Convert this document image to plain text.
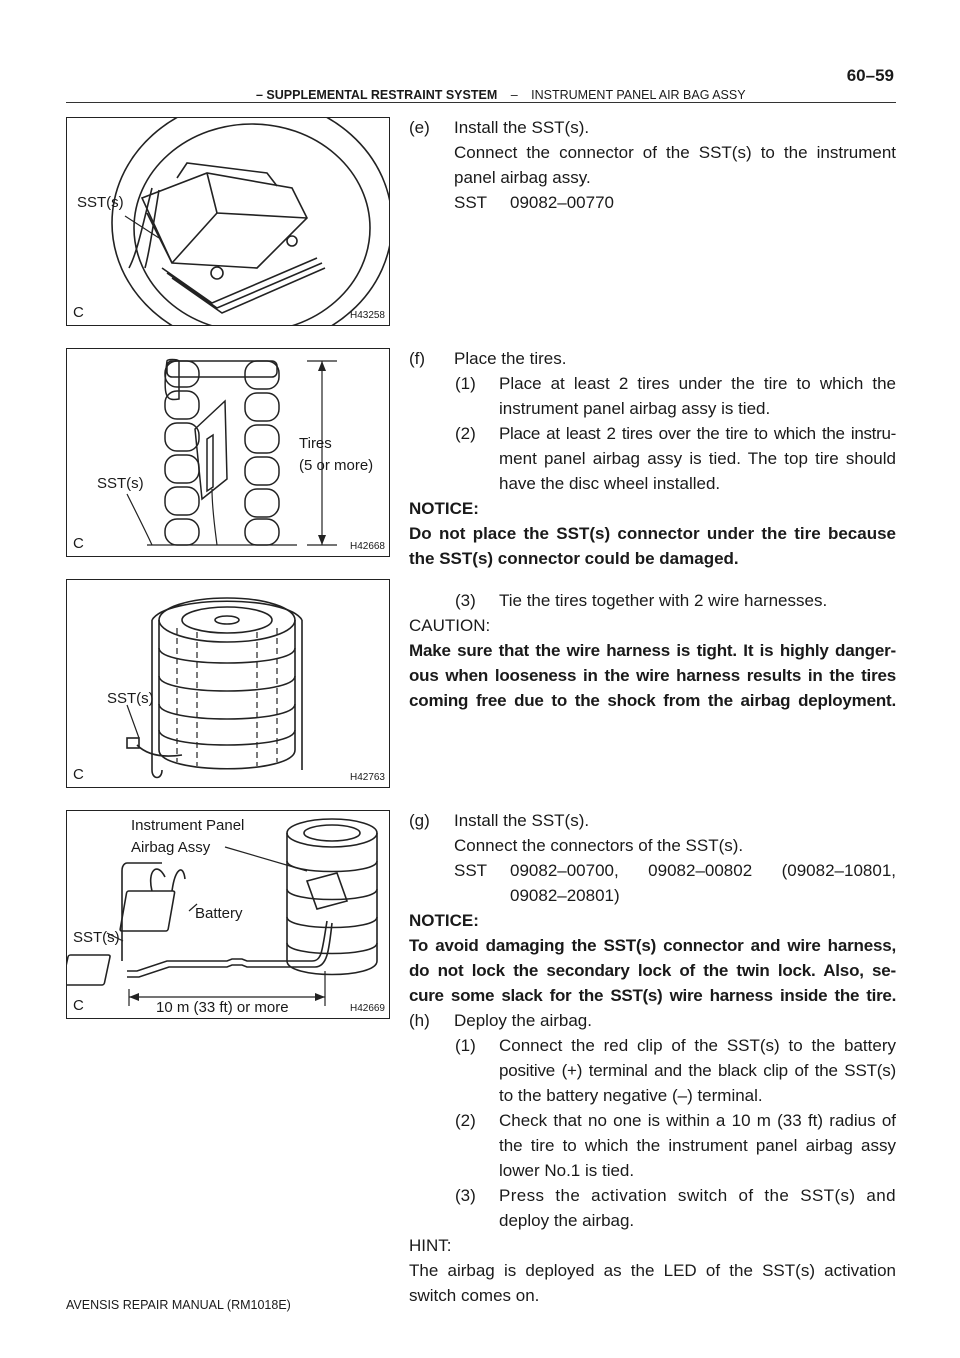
– SUPPLEMENTAL RESTRAINT SYSTEM – INSTRUMENT PANEL AIR BAG ASSY
60–59
SST(s)
C	H43258
SST(s)
Tires
(5 or more)
C	H42668
SST(s)
C	H42763
Instrument Panel
Airbag Assy
Battery
SST(s)
10 m (33 ft) or more
C	H42669
(e) Install the SST(s).
Connect the connector of the SST(s) to the instrument
panel airbag assy.
SST 09082–00770
(f) Place the tires.
(1) Place at least 2 tires under the tire to which the
instrument panel airbag assy is tied.
(2) Place at least 2 tires over the tire to which the instru-
ment panel airbag assy is tied. The top tire should
have the disc wheel installed.
NOTICE:
Do not place the SST(s) connector under the tire because
the SST(s) connector could be damaged.
(3) Tie the tires together with 2 wire harnesses.
CAUTION:
Make sure that the wire harness is tight. It is highly danger-
ous when looseness in the wire harness results in the tires
coming free due to the shock from the airbag deployment.
(g) Install the SST(s).
Connect the connectors of the SST(s).
SST 09082–00700, 09082–00802 (09082–10801,
09082–20801)
NOTICE:
To avoid damaging the SST(s) connector and wire harness,
do not lock the secondary lock of the twin lock. Also, se-
cure some slack for the SST(s) wire harness inside the tire.
(h) Deploy the airbag.
(1) Connect the red clip of the SST(s) to the battery
positive (+) terminal and the black clip of the SST(s)
to the battery negative (–) terminal.
(2) Check that no one is within a 10 m (33 ft) radius of
the tire to which the instrument panel airbag assy
lower No.1 is tied.
(3) Press the activation switch of the SST(s) and
deploy the airbag.
HINT:
The airbag is deployed as the LED of the SST(s) activation
switch comes on.
AVENSIS REPAIR MANUAL (RM1018E)
